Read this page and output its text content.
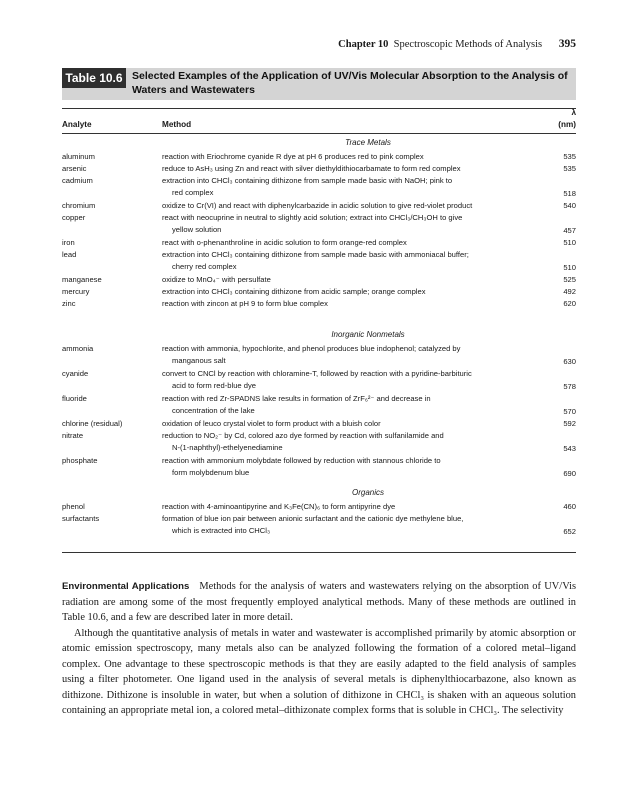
Chapter 10 Spectroscopic Methods of Analysis 395
Table 10.6 Selected Examples of the Application of UV/Vis Molecular Absorption to the Analysis of Waters and Wastewaters
Analyte	Method
λ
(nm)
Trace Metals
aluminum	reaction with Eriochrome cyanide R dye at pH 6 produces red to pink complex	535
arsenic	reduce to AsH₃ using Zn and react with silver diethyldithiocarbamate to form red complex	535
cadmium	extraction into CHCl₃ containing dithizone from sample made basic with NaOH; pink to
red complex	518
chromium	oxidize to Cr(VI) and react with diphenylcarbazide in acidic solution to give red-violet product	540
copper	react with neocuprine in neutral to slightly acid solution; extract into CHCl₃/CH₃OH to give
yellow solution	457
iron	react with o-phenanthroline in acidic solution to form orange-red complex	510
lead	extraction into CHCl₃ containing dithizone from sample made basic with ammoniacal buffer;
cherry red complex	510
manganese	oxidize to MnO₄⁻ with persulfate	525
mercury	extraction into CHCl₃ containing dithizone from acidic sample; orange complex	492
zinc	reaction with zincon at pH 9 to form blue complex	620
Inorganic Nonmetals
ammonia	reaction with ammonia, hypochlorite, and phenol produces blue indophenol; catalyzed by
manganous salt	630
cyanide	convert to CNCl by reaction with chloramine-T, followed by reaction with a pyridine-barbituric
acid to form red-blue dye	578
fluoride	reaction with red Zr-SPADNS lake results in formation of ZrF₆²⁻ and decrease in
concentration of the lake	570
chlorine (residual)	oxidation of leuco crystal violet to form product with a bluish color	592
nitrate	reduction to NO₂⁻ by Cd, colored azo dye formed by reaction with sulfanilamide and
N-(1-naphthyl)-ethelyenediamine	543
phosphate	reaction with ammonium molybdate followed by reduction with stannous chloride to
form molybdenum blue	690
Organics
phenol	reaction with 4-aminoantipyrine and K₃Fe(CN)₆ to form antipyrine dye	460
surfactants	formation of blue ion pair between anionic surfactant and the cationic dye methylene blue,
which is extracted into CHCl₃	652

Environmental Applications Methods for the analysis of waters and wastewaters relying on the absorption of UV/Vis radiation are among some of the most frequently employed analytical methods. Many of these methods are outlined in Table 10.6, and a few are described later in more detail.

Although the quantitative analysis of metals in water and wastewater is accomplished primarily by atomic absorption or atomic emission spectroscopy, many metals also can be analyzed following the formation of a colored metal–ligand complex. One advantage to these spectroscopic methods is that they are easily adapted to the field analysis of samples using a filter photometer. One ligand used in the analysis of several metals is diphenylthiocarbazone, also known as dithizone. Dithizone is insoluble in water, but when a solution of dithizone in CHCl₃ is shaken with an aqueous solution containing an appropriate metal ion, a colored metal–dithizonate complex forms that is soluble in CHCl₃. The selectivity
